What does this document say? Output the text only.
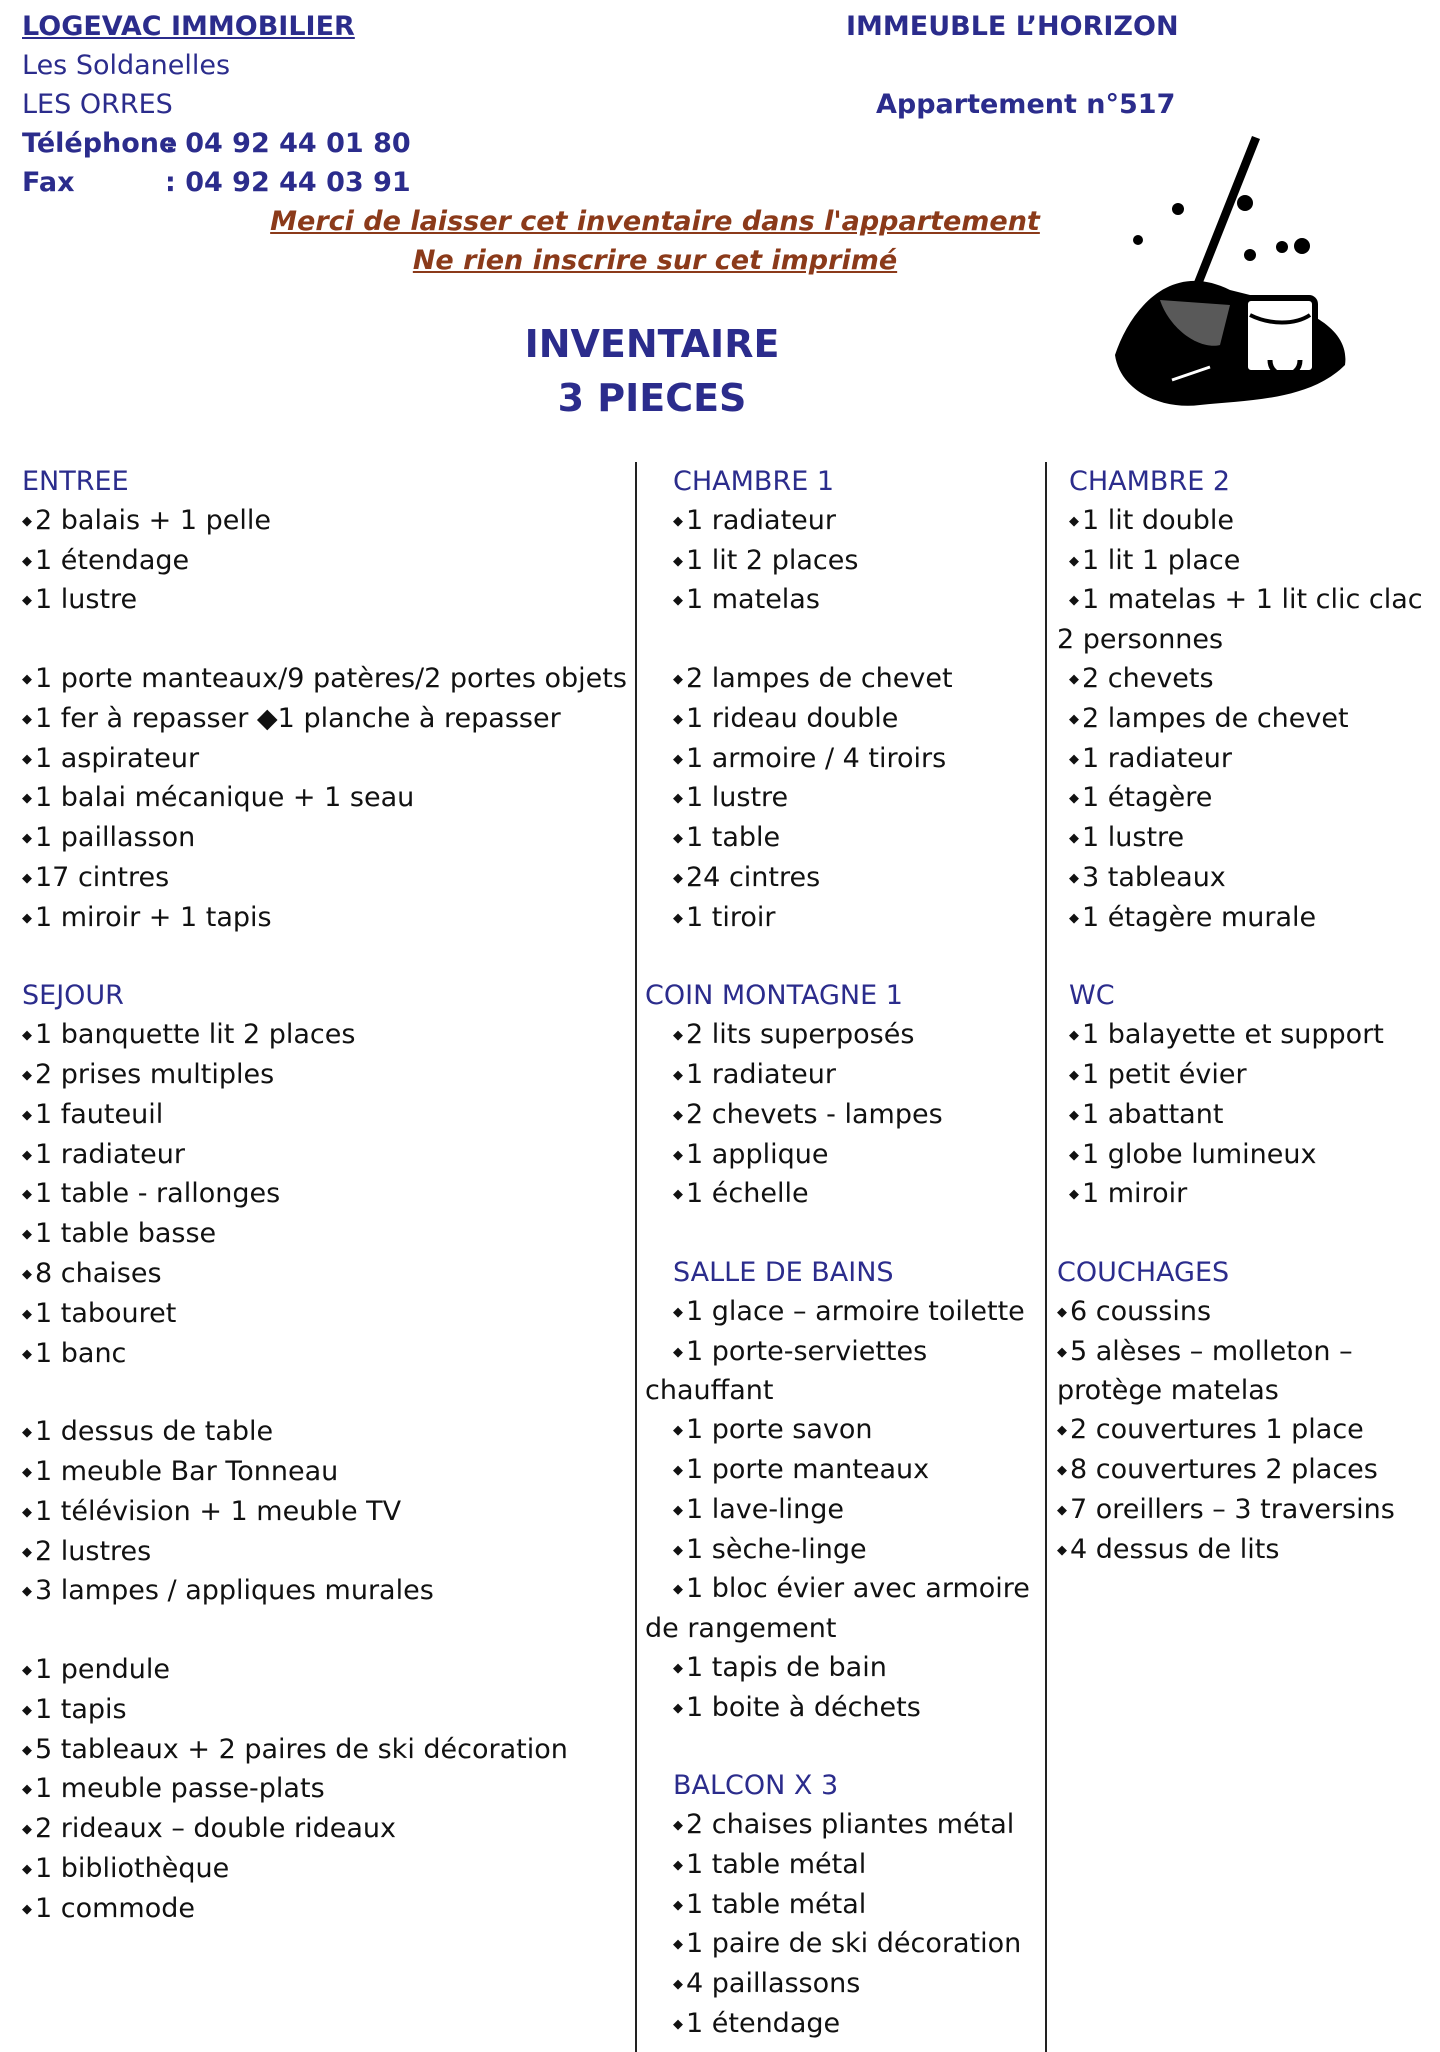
LOGEVAC IMMOBILIER
Les Soldanelles
LES ORRES
Téléphone
: 04 92 44 01 80
Fax	: 04 92 44 03 91
IMMEUBLE L’HORIZON
Appartement n°517
Merci de laisser cet inventaire dans l'appartement
Ne rien inscrire sur cet imprimé
INVENTAIRE
3 PIECES

ENTREE

◆ 2 balais + 1 pelle

◆ 1 étendage

◆ 1 lustre

◆ 1 porte manteaux/9 patères/2 portes objets

◆ 1 fer à repasser ◆1 planche à repasser

◆ 1 aspirateur

◆ 1 balai mécanique + 1 seau

◆ 1 paillasson

◆ 17 cintres

◆ 1 miroir + 1 tapis

SEJOUR

◆ 1 banquette lit 2 places

◆ 2 prises multiples

◆ 1 fauteuil

◆ 1 radiateur

◆ 1 table - rallonges

◆ 1 table basse

◆ 8 chaises

◆ 1 tabouret

◆ 1 banc

◆ 1 dessus de table

◆ 1 meuble Bar Tonneau

◆ 1 télévision + 1 meuble TV

◆ 2 lustres

◆ 3 lampes / appliques murales

◆ 1 pendule

◆ 1 tapis

◆ 5 tableaux + 2 paires de ski décoration

◆ 1 meuble passe-plats

◆ 2 rideaux – double rideaux

◆ 1 bibliothèque

◆ 1 commode

CHAMBRE 1

◆ 1 radiateur

◆ 1 lit 2 places

◆ 1 matelas

◆ 2 lampes de chevet

◆ 1 rideau double

◆ 1 armoire / 4 tiroirs

◆ 1 lustre

◆ 1 table

◆ 24 cintres

◆ 1 tiroir

COIN MONTAGNE 1

◆ 2 lits superposés

◆ 1 radiateur

◆ 2 chevets - lampes

◆ 1 applique

◆ 1 échelle

SALLE DE BAINS

◆ 1 glace – armoire toilette

◆ 1 porte-serviettes

chauffant

◆ 1 porte savon

◆ 1 porte manteaux

◆ 1 lave-linge

◆ 1 sèche-linge

◆ 1 bloc évier avec armoire

de rangement

◆ 1 tapis de bain

◆ 1 boite à déchets

BALCON X 3

◆ 2 chaises pliantes métal

◆ 1 table métal

◆ 1 table métal

◆ 1 paire de ski décoration

◆ 4 paillassons

◆ 1 étendage

CHAMBRE 2

◆ 1 lit double

◆ 1 lit 1 place

◆ 1 matelas + 1 lit clic clac

2 personnes

◆ 2 chevets

◆ 2 lampes de chevet

◆ 1 radiateur

◆ 1 étagère

◆ 1 lustre

◆ 3 tableaux

◆ 1 étagère murale

WC

◆ 1 balayette et support

◆ 1 petit évier

◆ 1 abattant

◆ 1 globe lumineux

◆ 1 miroir

COUCHAGES

◆ 6 coussins

◆ 5 alèses – molleton –

protège matelas

◆ 2 couvertures 1 place

◆ 8 couvertures 2 places

◆ 7 oreillers – 3 traversins

◆ 4 dessus de lits
